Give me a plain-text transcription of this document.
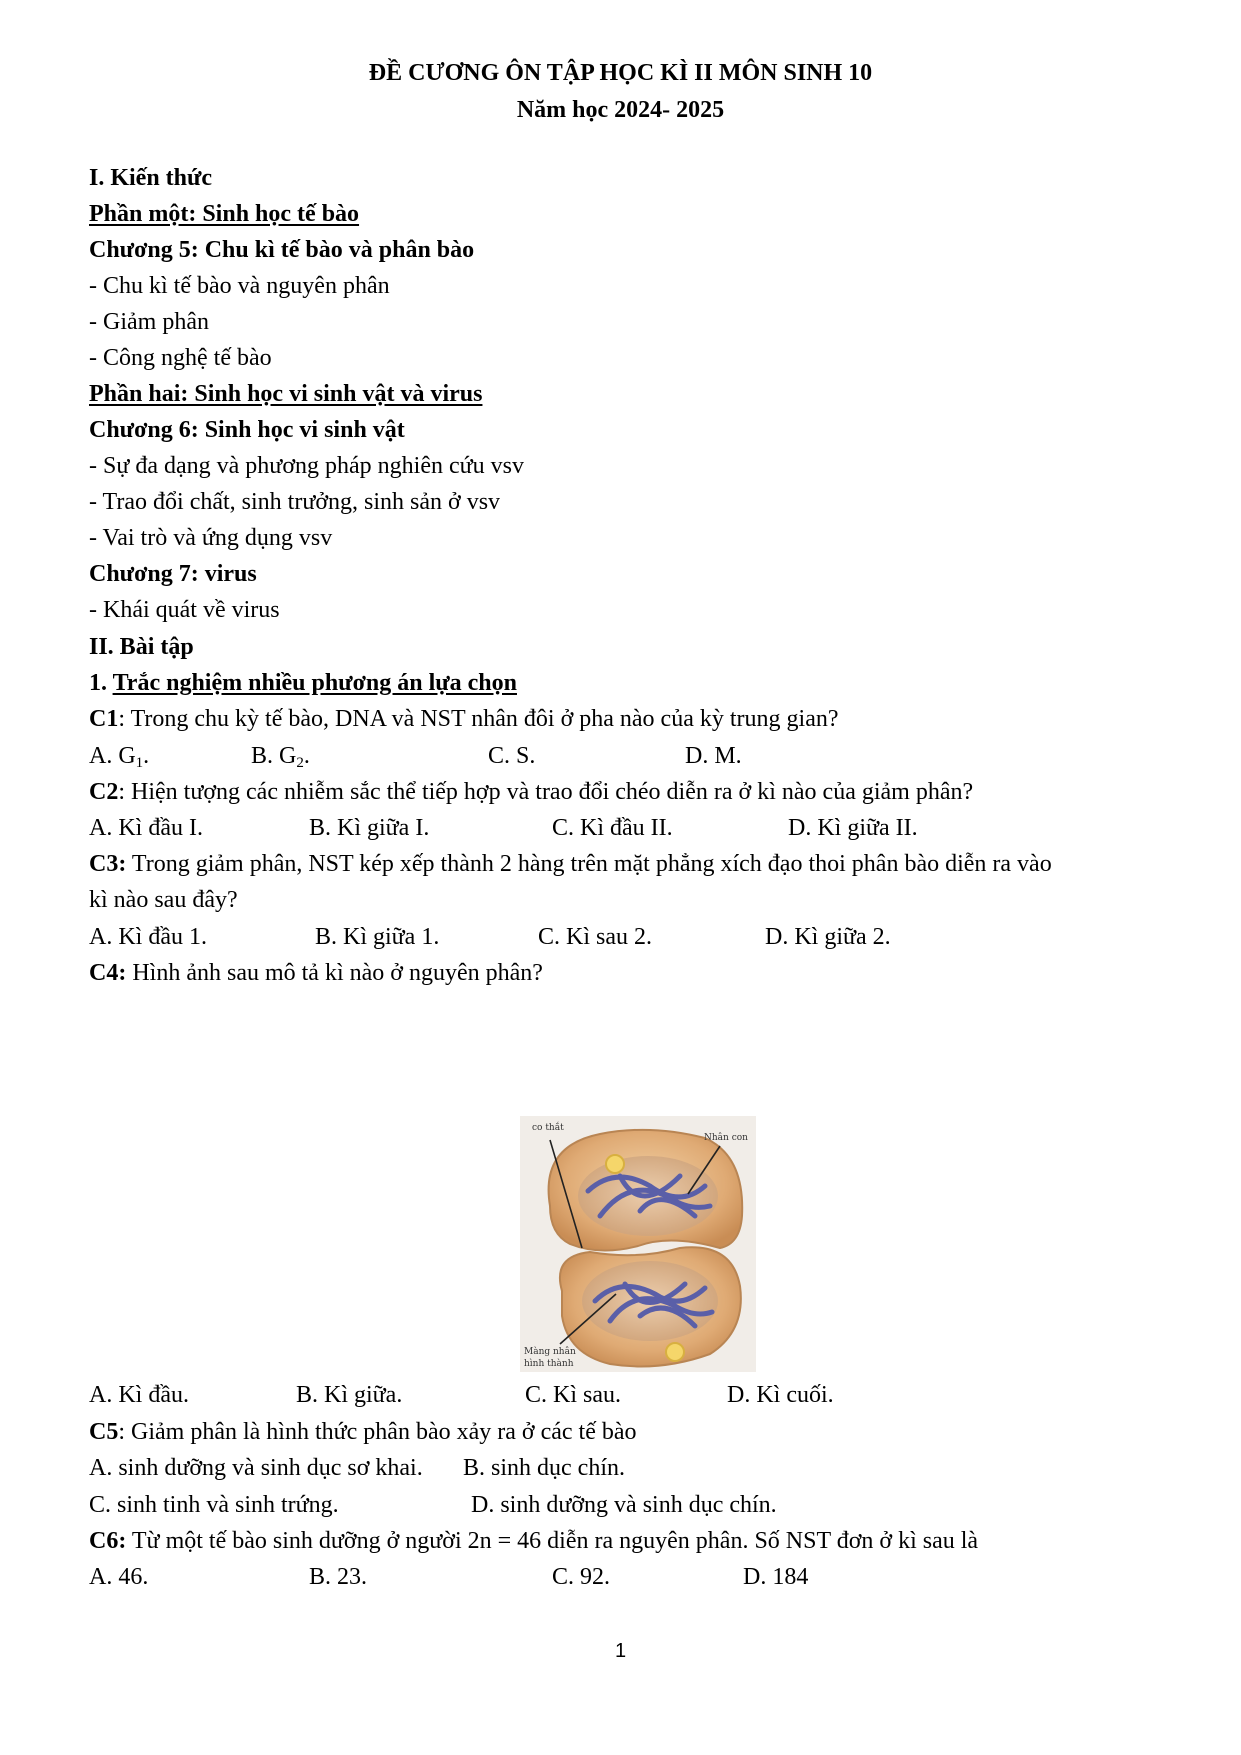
ĐỀ CƯƠNG ÔN TẬP HỌC KÌ II MÔN SINH 10
Năm học 2024- 2025
I. Kiến thức
Phần một: Sinh học tế bào
Chương 5: Chu kì tế bào và phân bào
- Chu kì tế bào và nguyên phân
- Giảm phân
- Công nghệ tế bào
Phần hai: Sinh học vi sinh vật và virus
Chương 6: Sinh học vi sinh vật
- Sự đa dạng và phương pháp nghiên cứu vsv
- Trao đổi chất, sinh trưởng, sinh sản ở vsv
- Vai trò và ứng dụng vsv
Chương 7: virus
- Khái quát về virus
II. Bài tập
1. Trắc nghiệm nhiều phương án lựa chọn
C1: Trong chu kỳ tế bào, DNA và NST nhân đôi ở pha nào của kỳ trung gian?
A. $G_1$.	B. $G_2$.	C. S.	D. M.
C2: Hiện tượng các nhiễm sắc thể tiếp hợp và trao đổi chéo diễn ra ở kì nào của giảm phân?
A. Kì đầu I.	B. Kì giữa I.	C. Kì đầu II.	D. Kì giữa II.
C3: Trong giảm phân, NST kép xếp thành 2 hàng trên mặt phẳng xích đạo thoi phân bào diễn ra vào
kì nào sau đây?
A. Kì đầu 1.	B. Kì giữa 1.	C. Kì sau 2.	D. Kì giữa 2.
C4: Hình ảnh sau mô tả kì nào ở nguyên phân?
co thắt
Nhân con
Màng nhân
hình thành
A. Kì đầu.	B. Kì giữa.	C. Kì sau.	D. Kì cuối.
C5: Giảm phân là hình thức phân bào xảy ra ở các tế bào
A. sinh dưỡng và sinh dục sơ khai. B. sinh dục chín.
C. sinh tinh và sinh trứng.	D. sinh dưỡng và sinh dục chín.
C6: Từ một tế bào sinh dưỡng ở người 2n = 46 diễn ra nguyên phân. Số NST đơn ở kì sau là
A. 46.	B. 23.	C. 92.	D. 184
1
